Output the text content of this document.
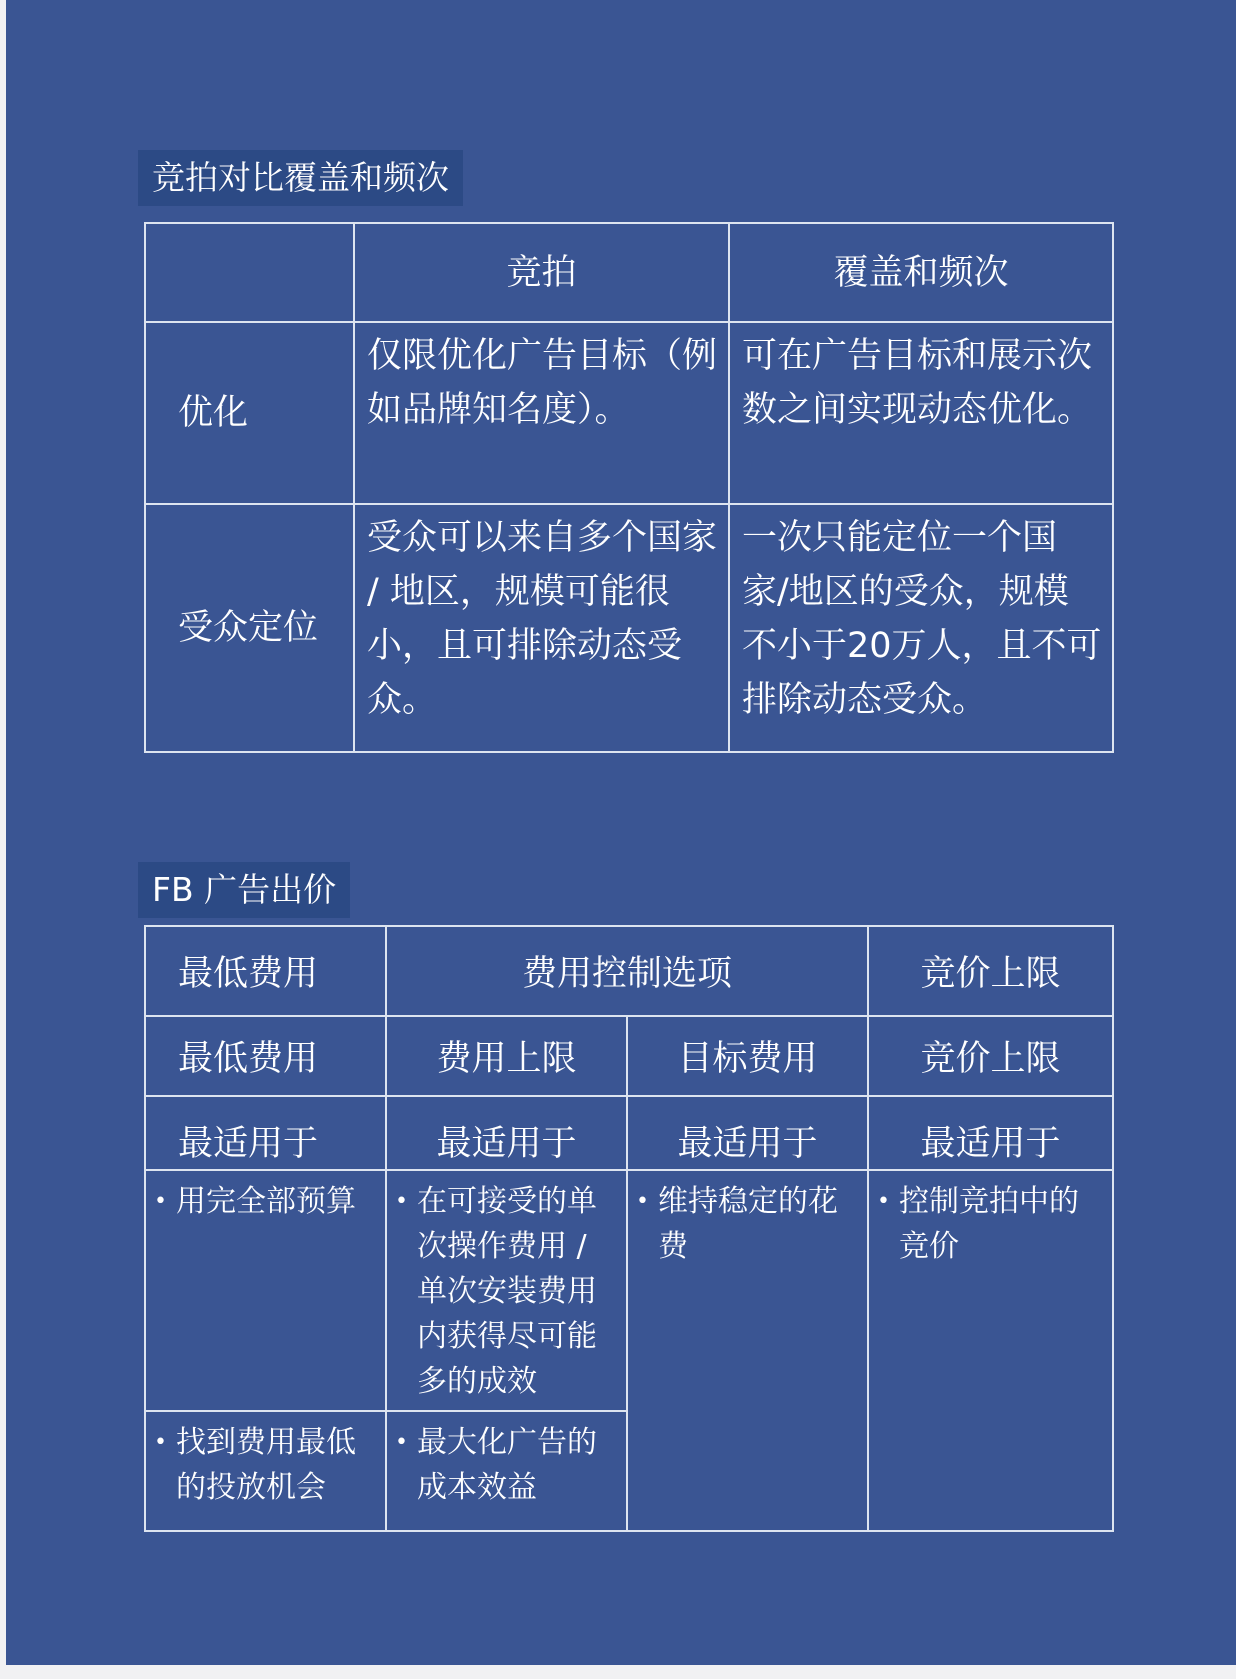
竞拍对比覆盖和频次
	竞拍	覆盖和频次
优化	仅限优化广告目标（例如品牌知名度）。	可在广告目标和展示次数之间实现动态优化。
受众定位	受众可以来自多个国家 / 地区，规模可能很小，且可排除动态受众。	一次只能定位一个国家/地区的受众，规模不小于20万人，且不可排除动态受众。
FB 广告出价
最低费用	费用控制选项		竞价上限
最低费用	费用上限	目标费用	竞价上限
最适用于	最适用于	最适用于	最适用于

• 用完全部预算	• 在可接受的单次操作费用 / 单次安装费用内获得尽可能多的成效	• 维持稳定的花费	• 控制竞拍中的竞价

• 找到费用最低的投放机会	• 最大化广告的成本效益		
